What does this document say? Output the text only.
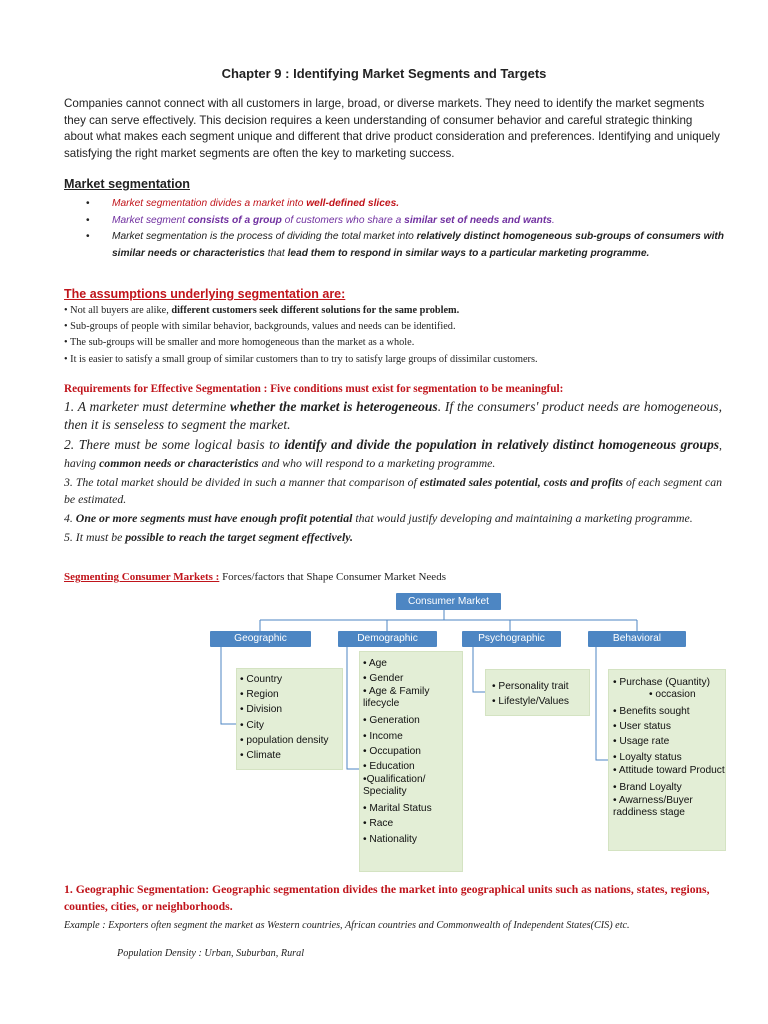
Chapter 9 : Identifying Market Segments and Targets
Companies cannot connect with all customers in large, broad, or diverse markets. They need to identify the market segments they can serve effectively. This decision requires a keen understanding of consumer behavior and careful strategic thinking about what makes each segment unique and different that drive product consideration and preferences. Identifying and uniquely satisfying the right market segments are often the key to marketing success.
Market segmentation
• Market segmentation divides a market into well-defined slices.
• Market segment consists of a group of customers who share a similar set of needs and wants.
• Market segmentation is the process of dividing the total market into relatively distinct homogeneous sub-groups of consumers with similar needs or characteristics that lead them to respond in similar ways to a particular marketing programme.
The assumptions underlying segmentation are:
• Not all buyers are alike, different customers seek different solutions for the same problem.
• Sub-groups of people with similar behavior, backgrounds, values and needs can be identified.
• The sub-groups will be smaller and more homogeneous than the market as a whole.
• It is easier to satisfy a small group of similar customers than to try to satisfy large groups of dissimilar customers.
Requirements for Effective Segmentation : Five conditions must exist for segmentation to be meaningful:
1. A marketer must determine whether the market is heterogeneous. If the consumers' product needs are homogeneous, then it is senseless to segment the market.
2. There must be some logical basis to identify and divide the population in relatively distinct homogeneous groups, having common needs or characteristics and who will respond to a marketing programme.
3. The total market should be divided in such a manner that comparison of estimated sales potential, costs and profits of each segment can be estimated.
4. One or more segments must have enough profit potential that would justify developing and maintaining a marketing programme.
5. It must be possible to reach the target segment effectively.
Segmenting Consumer Markets : Forces/factors that Shape Consumer Market Needs
Consumer Market
Geographic	Demographic	Psychographic	Behavioral
• Country
• Region
• Division
• City
• population density
• Climate
• Age
• Gender
• Age & Family lifecycle
• Generation
• Income
• Occupation
• Education
•Qualification/ Speciality
• Marital Status
• Race
• Nationality
• Personality trait
• Lifestyle/Values
• Purchase (Quantity)
• occasion
• Benefits sought
• User status
• Usage rate
• Loyalty status
• Attitude toward Product
• Brand Loyalty
• Awarness/Buyer raddiness stage
1. Geographic Segmentation: Geographic segmentation divides the market into geographical units such as nations, states, regions, counties, cities, or neighborhoods.
Example : Exporters often segment the market as Western countries, African countries and Commonwealth of Independent States(CIS) etc.
Population Density : Urban, Suburban, Rural
